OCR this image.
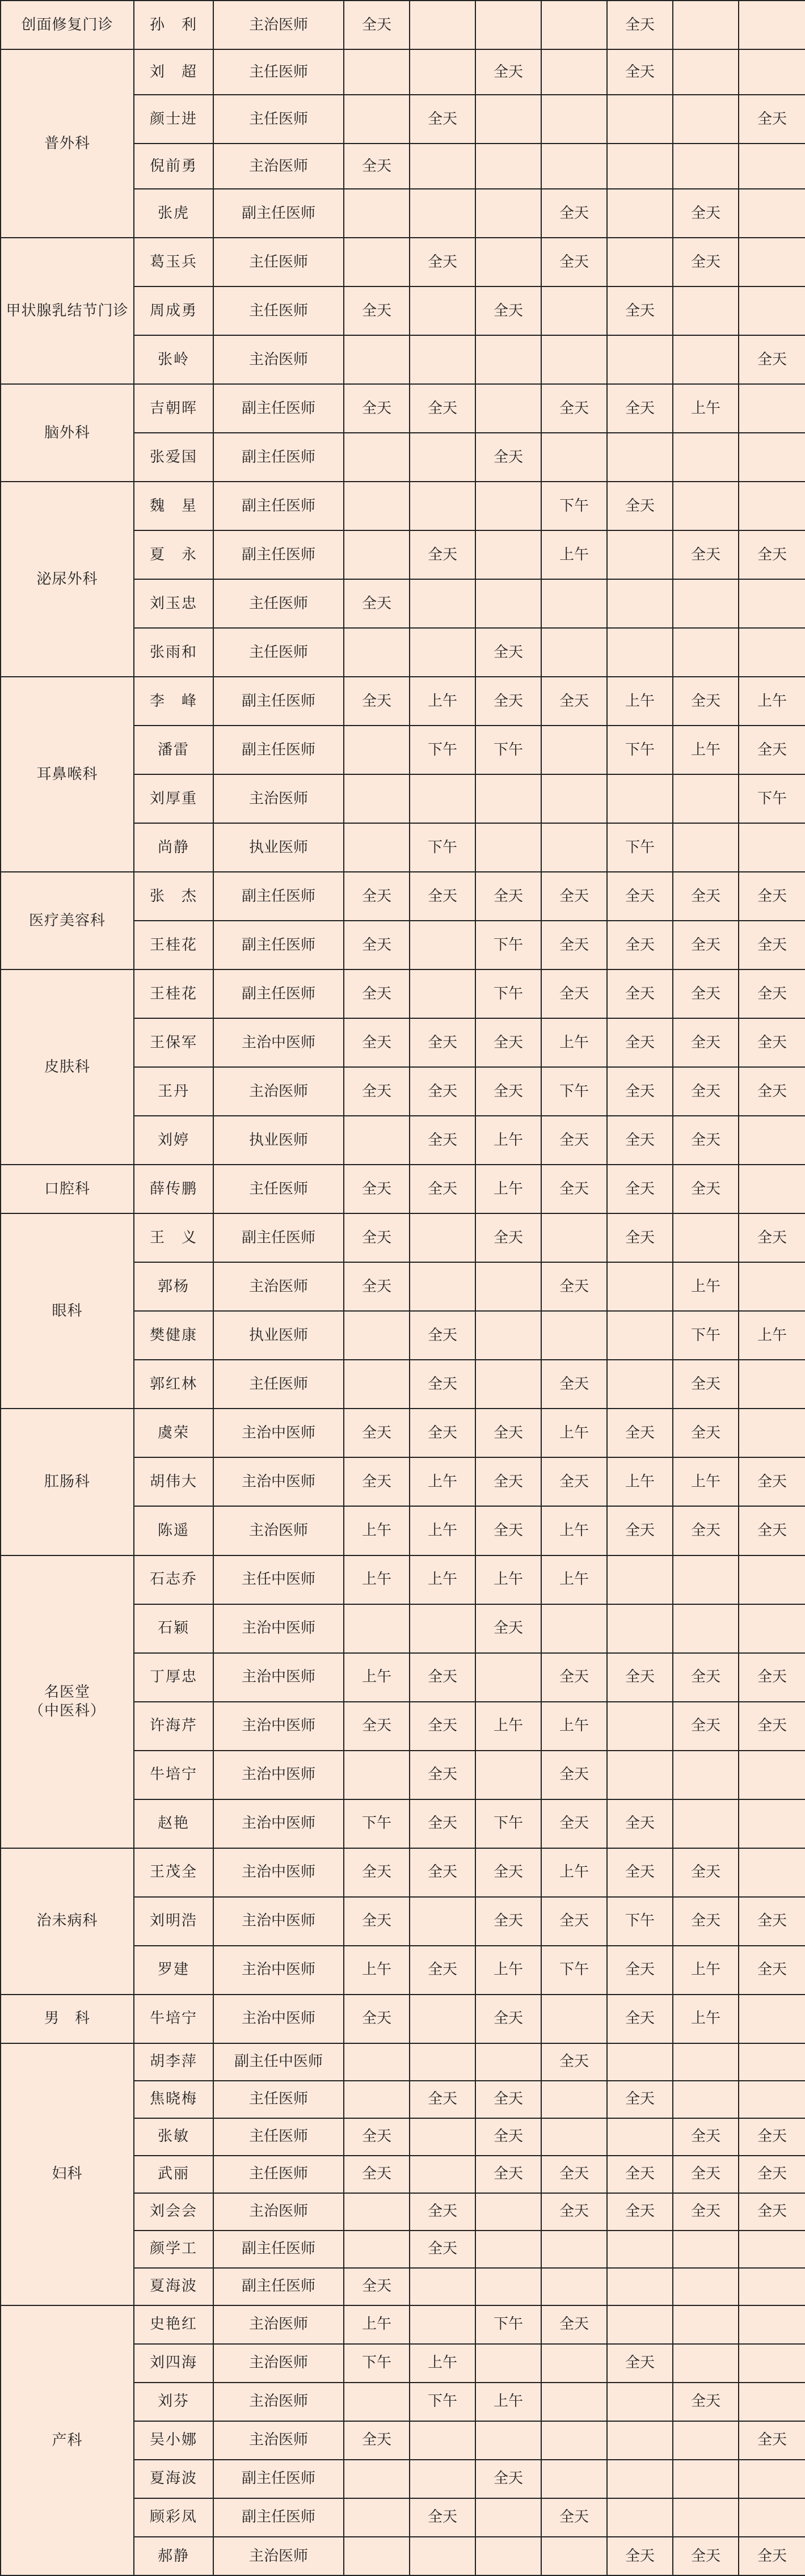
创面修复门诊	孙　利	主治医师	全天				全天		
普外科	刘　超	主任医师			全天		全天		
	颜士进	主任医师		全天					全天
	倪前勇	主治医师	全天						
	张虎	副主任医师				全天		全天	
甲状腺乳结节门诊	葛玉兵	主任医师		全天		全天		全天	
	周成勇	主任医师	全天		全天		全天		
	张岭	主治医师							全天
脑外科	吉朝晖	副主任医师	全天	全天		全天	全天	上午	
	张爱国	副主任医师			全天				
泌尿外科	魏　星	副主任医师				下午	全天		
	夏　永	副主任医师		全天		上午		全天	全天
	刘玉忠	主任医师	全天						
	张雨和	主任医师			全天				
耳鼻喉科	李　峰	副主任医师	全天	上午	全天	全天	上午	全天	上午
	潘雷	副主任医师		下午	下午		下午	上午	全天
	刘厚重	主治医师							下午
	尚静	执业医师		下午			下午		
医疗美容科	张　杰	副主任医师	全天	全天	全天	全天	全天	全天	全天
	王桂花	副主任医师	全天		下午	全天	全天	全天	全天
皮肤科	王桂花	副主任医师	全天		下午	全天	全天	全天	全天
	王保军	主治中医师	全天	全天	全天	上午	全天	全天	全天
	王丹	主治医师	全天	全天	全天	下午	全天	全天	全天
	刘婷	执业医师		全天	上午	全天	全天	全天	
口腔科	薛传鹏	主任医师	全天	全天	上午	全天	全天	全天	
眼科	王　义	副主任医师	全天		全天		全天		全天
	郭杨	主治医师	全天			全天		上午	
	樊健康	执业医师		全天				下午	上午
	郭红林	主任医师		全天		全天		全天	
肛肠科	虞荣	主治中医师	全天	全天	全天	上午	全天	全天	
	胡伟大	主治中医师	全天	上午	全天	全天	上午	上午	全天
	陈遥	主治医师	上午	上午	全天	上午	全天	全天	全天
名医堂
（中医科）	石志乔	主任中医师	上午	上午	上午	上午			
	石颖	主治中医师			全天				
	丁厚忠	主治中医师	上午	全天		全天	全天	全天	全天
	许海芹	主治中医师	全天	全天	上午	上午		全天	全天
	牛培宁	主治中医师		全天		全天			
	赵艳	主治中医师	下午	全天	下午	全天	全天		
治未病科	王茂全	主治中医师	全天	全天	全天	上午	全天	全天	
	刘明浩	主治中医师	全天		全天	全天	下午	全天	全天
	罗建	主治中医师	上午	全天	上午	下午	全天	上午	全天
男　科	牛培宁	主治中医师	全天		全天		全天	上午	
妇科	胡李萍	副主任中医师				全天			
	焦晓梅	主任医师		全天	全天		全天		
	张敏	主任医师	全天		全天			全天	全天
	武丽	主任医师	全天		全天	全天	全天	全天	全天
	刘会会	主治医师		全天		全天	全天	全天	全天
	颜学工	副主任医师		全天					
	夏海波	副主任医师	全天						
产科	史艳红	主治医师	上午		下午	全天			
	刘四海	主治医师	下午	上午			全天		
	刘芬	主治医师		下午	上午			全天	
	吴小娜	主治医师	全天						全天
	夏海波	副主任医师			全天				
	顾彩凤	副主任医师		全天		全天			
	郝静	主治医师					全天	全天	全天
